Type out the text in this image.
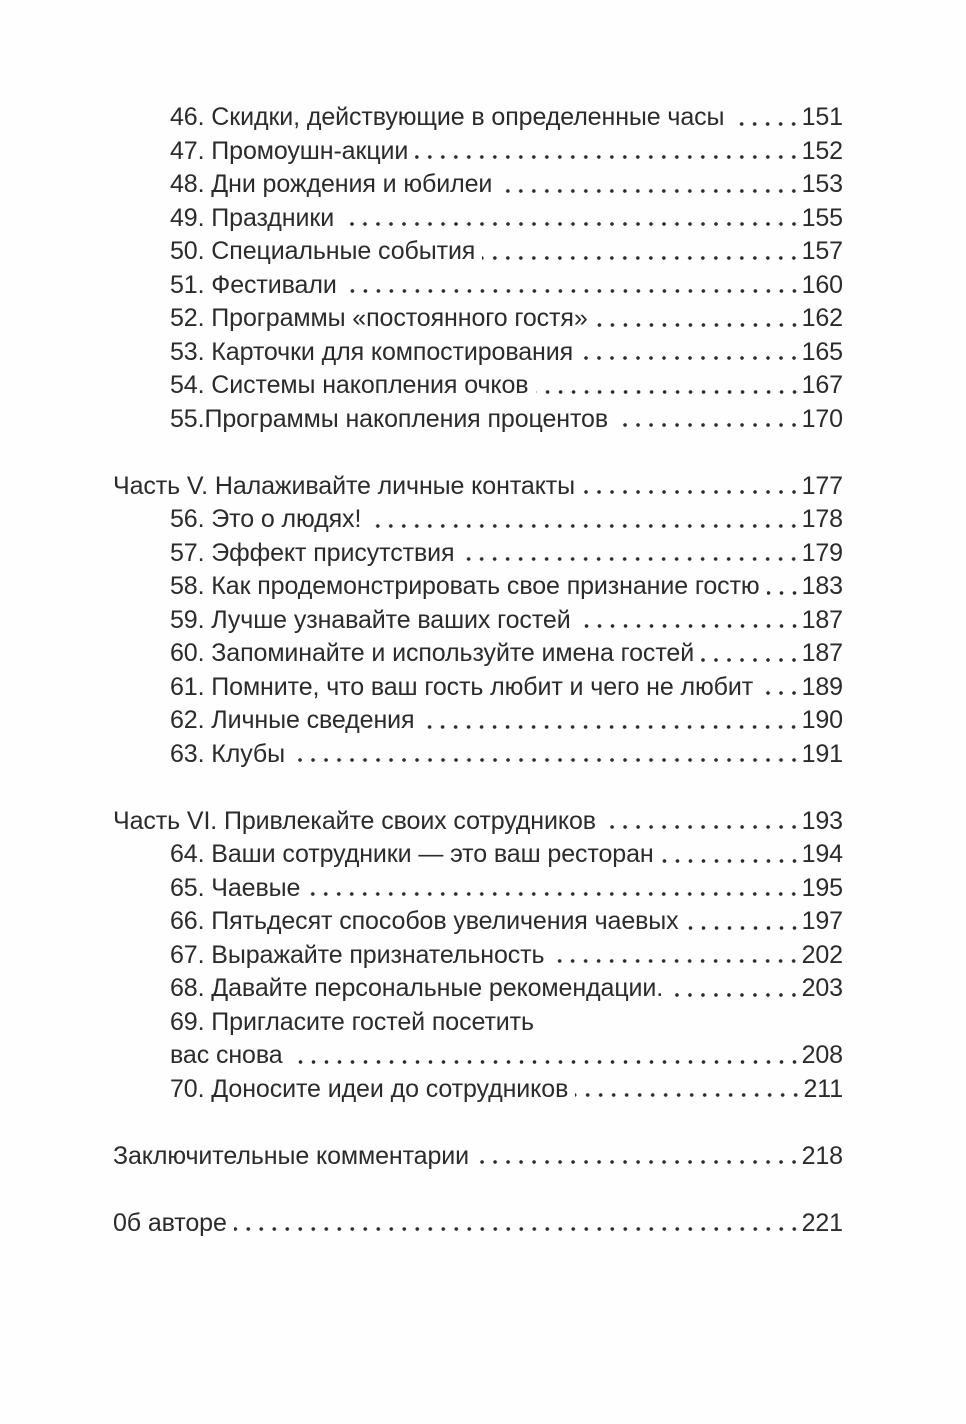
46. Скидки, действующие в определенные часы	151
47. Промоушн-акции	152
48. Дни рождения и юбилеи	153
49. Праздники	155
50. Специальные события	157
51. Фестивали	160
52. Программы «постоянного гостя»	162
53. Карточки для компостирования	165
54. Системы накопления очков	167
55.Программы накопления процентов	170
Часть V. Налаживайте личные контакты	177
56. Это о людях!	178
57. Эффект присутствия	179
58. Как продемонстрировать свое признание гостю 183
59. Лучше узнавайте ваших гостей	187
60. Запоминайте и используйте имена гостей	187
61. Помните, что ваш гость любит и чего не любит 189
62. Личные сведения	190
63. Клубы	191
Часть VI. Привлекайте своих сотрудников	193
64. Ваши сотрудники — это ваш ресторан	194
65. Чаевые	195
66. Пятьдесят способов увеличения чаевых	197
67. Выражайте признательность	202
68. Давайте персональные рекомендации.	203
69. Пригласите гостей посетить
вас снова	208
70. Доносите идеи до сотрудников	211
Заключительные комментарии	218
0б авторе	221
